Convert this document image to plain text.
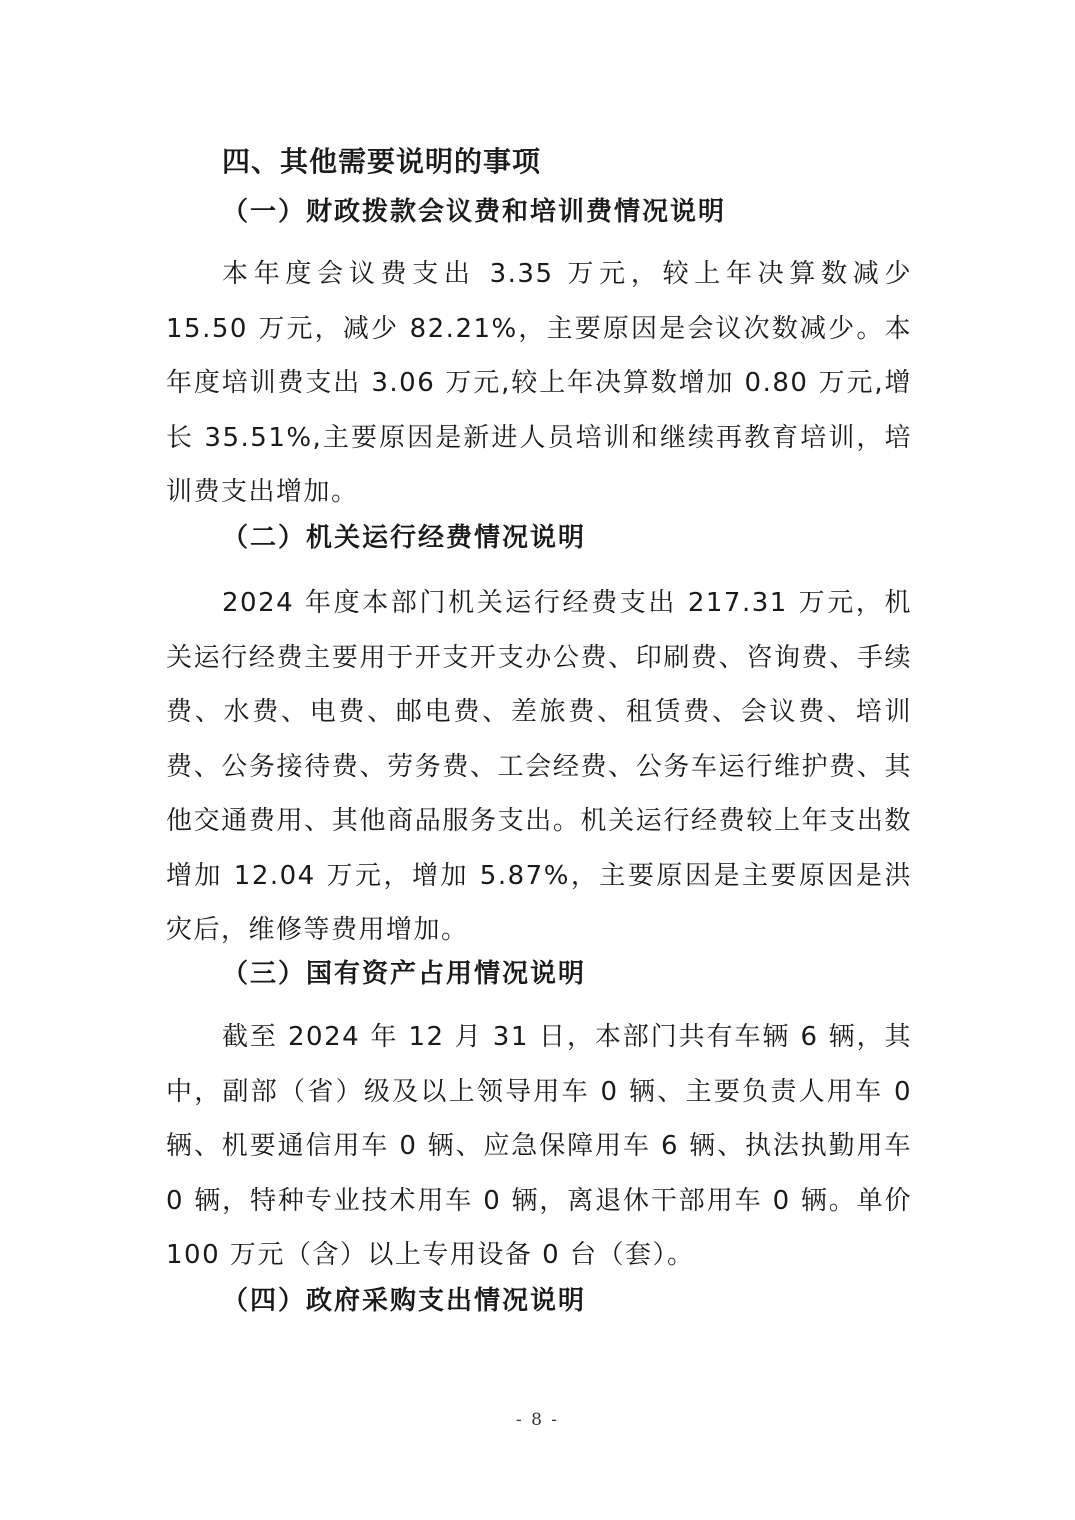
四、其他需要说明的事项
（一）财政拨款会议费和培训费情况说明

本年度会议费支出 3.35 万元，较上年决算数减少 15.50 万元，减少 82.21%，主要原因是会议次数减少。本年度培训费支出 3.06 万元,较上年决算数增加 0.80 万元,增长 35.51%,主要原因是新进人员培训和继续再教育培训，培训费支出增加。

（二）机关运行经费情况说明

2024 年度本部门机关运行经费支出 217.31 万元，机关运行经费主要用于开支开支办公费、印刷费、咨询费、手续费、水费、电费、邮电费、差旅费、租赁费、会议费、培训费、公务接待费、劳务费、工会经费、公务车运行维护费、其他交通费用、其他商品服务支出。机关运行经费较上年支出数增加 12.04 万元，增加 5.87%，主要原因是主要原因是洪灾后，维修等费用增加。

（三）国有资产占用情况说明

截至 2024 年 12 月 31 日，本部门共有车辆 6 辆，其中，副部（省）级及以上领导用车 0 辆、主要负责人用车 0 辆、机要通信用车 0 辆、应急保障用车 6 辆、执法执勤用车 0 辆，特种专业技术用车 0 辆，离退休干部用车 0 辆。单价 100 万元（含）以上专用设备 0 台（套）。

（四）政府采购支出情况说明
- 8 -
